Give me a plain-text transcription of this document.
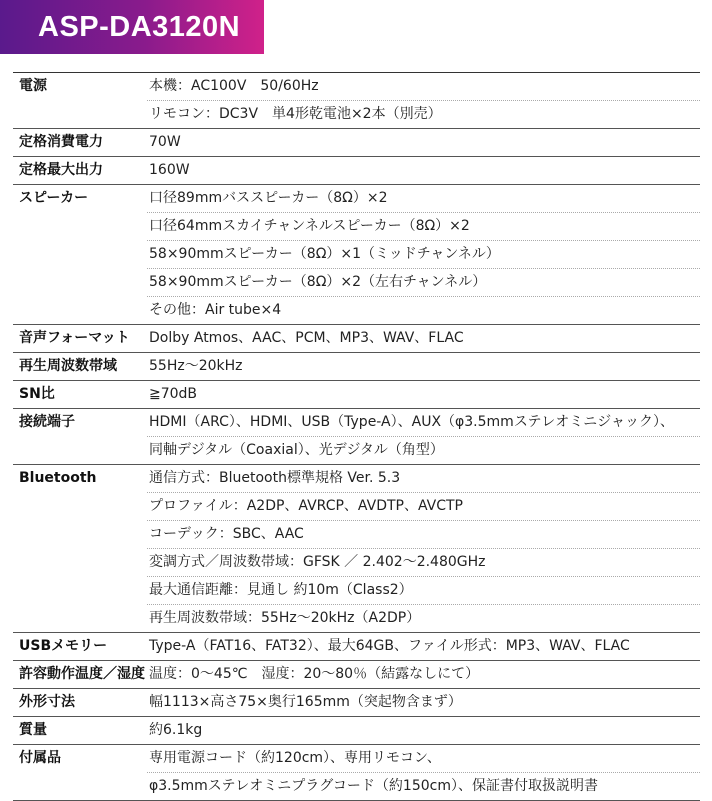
ASP-DA3120N
電源	本機：AC100V　50/60Hz
リモコン：DC3V　単4形乾電池×2本（別売）
定格消費電力	70W
定格最大出力	160W
スピーカー	口径89mmバススピーカー（8Ω）×2
口径64mmスカイチャンネルスピーカー（8Ω）×2
58×90mmスピーカー（8Ω）×1（ミッドチャンネル）
58×90mmスピーカー（8Ω）×2（左右チャンネル）
その他：Air tube×4
音声フォーマット	Dolby Atmos、AAC、PCM、MP3、WAV、FLAC
再生周波数帯域	55Hz～20kHz
SN比	≧70dB
接続端子	HDMI（ARC）、HDMI、USB（Type-A）、AUX（φ3.5mmステレオミニジャック）、
同軸デジタル（Coaxial）、光デジタル（角型）
Bluetooth	通信方式：Bluetooth標準規格 Ver. 5.3
プロファイル：A2DP、AVRCP、AVDTP、AVCTP
コーデック：SBC、AAC
変調方式／周波数帯域：GFSK ／ 2.402～2.480GHz
最大通信距離：見通し 約10m（Class2）
再生周波数帯域：55Hz～20kHz（A2DP）
USBメモリー	Type-A（FAT16、FAT32）、最大64GB、ファイル形式：MP3、WAV、FLAC
許容動作温度／湿度 温度：0～45℃　湿度：20～80％（結露なしにて）
外形寸法	幅1113×高さ75×奥行165mm（突起物含まず）
質量	約6.1kg
付属品	専用電源コード（約120cm）、専用リモコン、
φ3.5mmステレオミニプラグコード（約150cm）、保証書付取扱説明書
